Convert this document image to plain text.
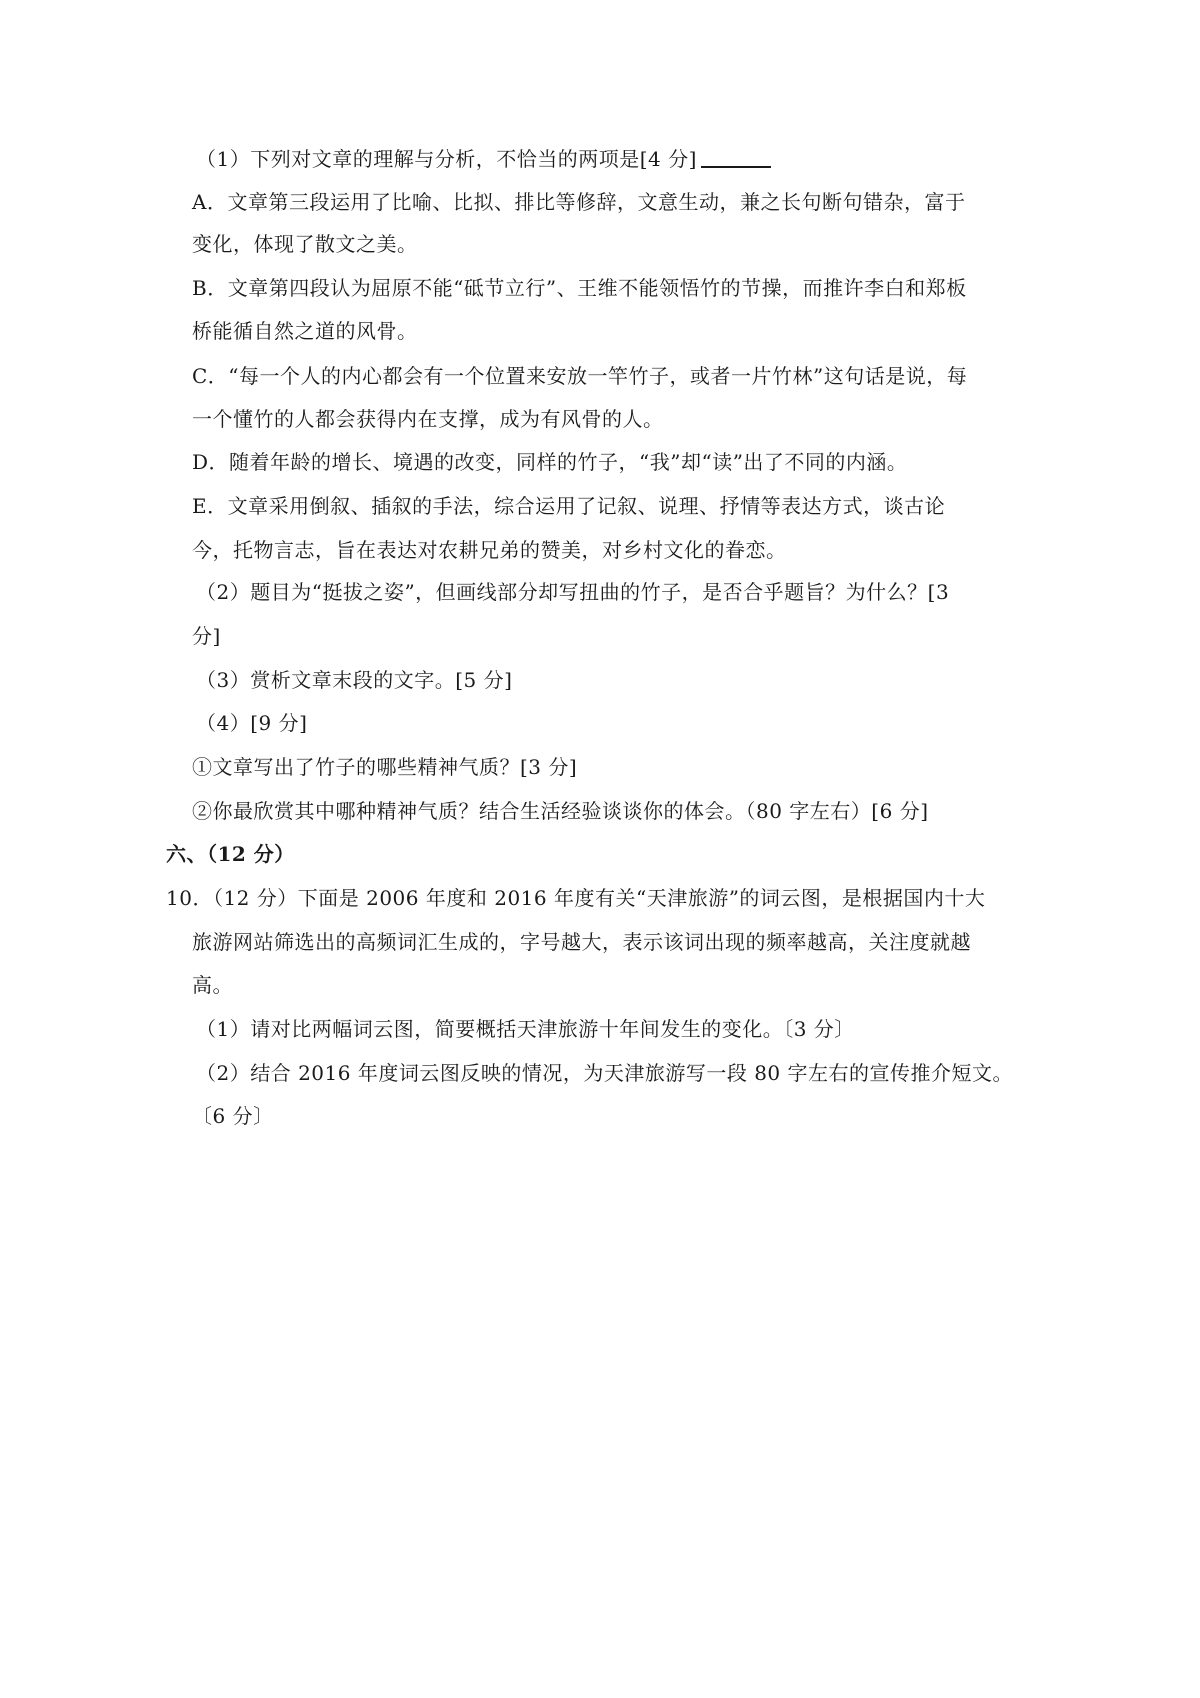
（1）下列对文章的理解与分析，不恰当的两项是[4 分]
A．文章第三段运用了比喻、比拟、排比等修辞，文意生动，兼之长句断句错杂，富于
变化，体现了散文之美。
B．文章第四段认为屈原不能“砥节立行”、王维不能领悟竹的节操，而推许李白和郑板
桥能循自然之道的风骨。
C．“每一个人的内心都会有一个位置来安放一竿竹子，或者一片竹林”这句话是说，每
一个懂竹的人都会获得内在支撑，成为有风骨的人。
D．随着年龄的增长、境遇的改变，同样的竹子，“我”却“读”出了不同的内涵。
E．文章采用倒叙、插叙的手法，综合运用了记叙、说理、抒情等表达方式，谈古论
今，托物言志，旨在表达对农耕兄弟的赞美，对乡村文化的眷恋。
（2）题目为“挺拔之姿”，但画线部分却写扭曲的竹子，是否合乎题旨？为什么？[3
分]
（3）赏析文章末段的文字。[5 分]
（4）[9 分]
①文章写出了竹子的哪些精神气质？[3 分]
②你最欣赏其中哪种精神气质？结合生活经验谈谈你的体会。（80 字左右）[6 分]
六、（12 分）
10．（12 分）下面是 2006 年度和 2016 年度有关“天津旅游”的词云图，是根据国内十大
旅游网站筛选出的高频词汇生成的，字号越大，表示该词出现的频率越高，关注度就越
高。
（1）请对比两幅词云图，简要概括天津旅游十年间发生的变化。〔3 分〕
（2）结合 2016 年度词云图反映的情况，为天津旅游写一段 80 字左右的宣传推介短文。
〔6 分〕
